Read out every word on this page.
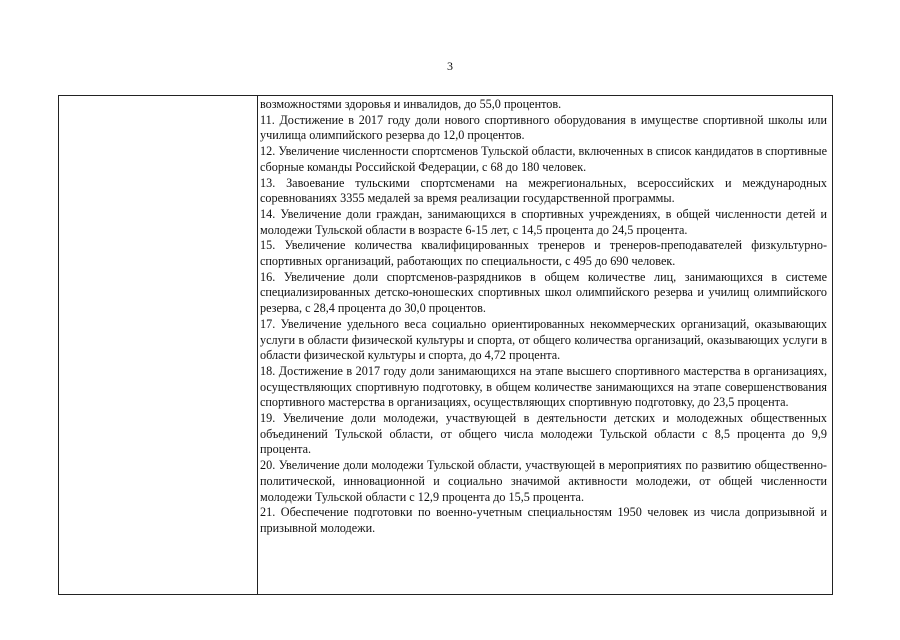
3

возможностями здоровья и инвалидов, до 55,0 процентов.

11. Достижение в 2017 году доли нового спортивного оборудования в имуществе спортивной школы или училища олимпийского резерва до 12,0 процентов.

12. Увеличение численности спортсменов Тульской области, включенных в список кандидатов в спортивные сборные команды Российской Федерации, с 68 до 180 человек.

13. Завоевание тульскими спортсменами на межрегиональных, всероссийских и международных соревнованиях 3355 медалей за время реализации государственной программы.

14. Увеличение доли граждан, занимающихся в спортивных учреждениях, в общей численности детей и молодежи Тульской области в возрасте 6-15 лет, с 14,5 процента до 24,5 процента.

15. Увеличение количества квалифицированных тренеров и тренеров-преподавателей физкультурно-спортивных организаций, работающих по специальности, с 495 до 690 человек.

16. Увеличение доли спортсменов-разрядников в общем количестве лиц, занимающихся в системе специализированных детско-юношеских спортивных школ олимпийского резерва и училищ олимпийского резерва, с 28,4 процента до 30,0 процентов.

17. Увеличение удельного веса социально ориентированных некоммерческих организаций, оказывающих услуги в области физической культуры и спорта, от общего количества организаций, оказывающих услуги в области физической культуры и спорта, до 4,72 процента.

18. Достижение в 2017 году доли занимающихся на этапе высшего спортивного мастерства в организациях, осуществляющих спортивную подготовку, в общем количестве занимающихся на этапе совершенствования спортивного мастерства в организациях, осуществляющих спортивную подготовку, до 23,5 процента.

19. Увеличение доли молодежи, участвующей в деятельности детских и молодежных общественных объединений Тульской области, от общего числа молодежи Тульской области с 8,5 процента до 9,9 процента.

20. Увеличение доли молодежи Тульской области, участвующей в мероприятиях по развитию общественно-политической, инновационной и социально значимой активности молодежи, от общей численности молодежи Тульской области с 12,9 процента до 15,5 процента.

21. Обеспечение подготовки по военно-учетным специальностям 1950 человек из числа допризывной и призывной молодежи.
